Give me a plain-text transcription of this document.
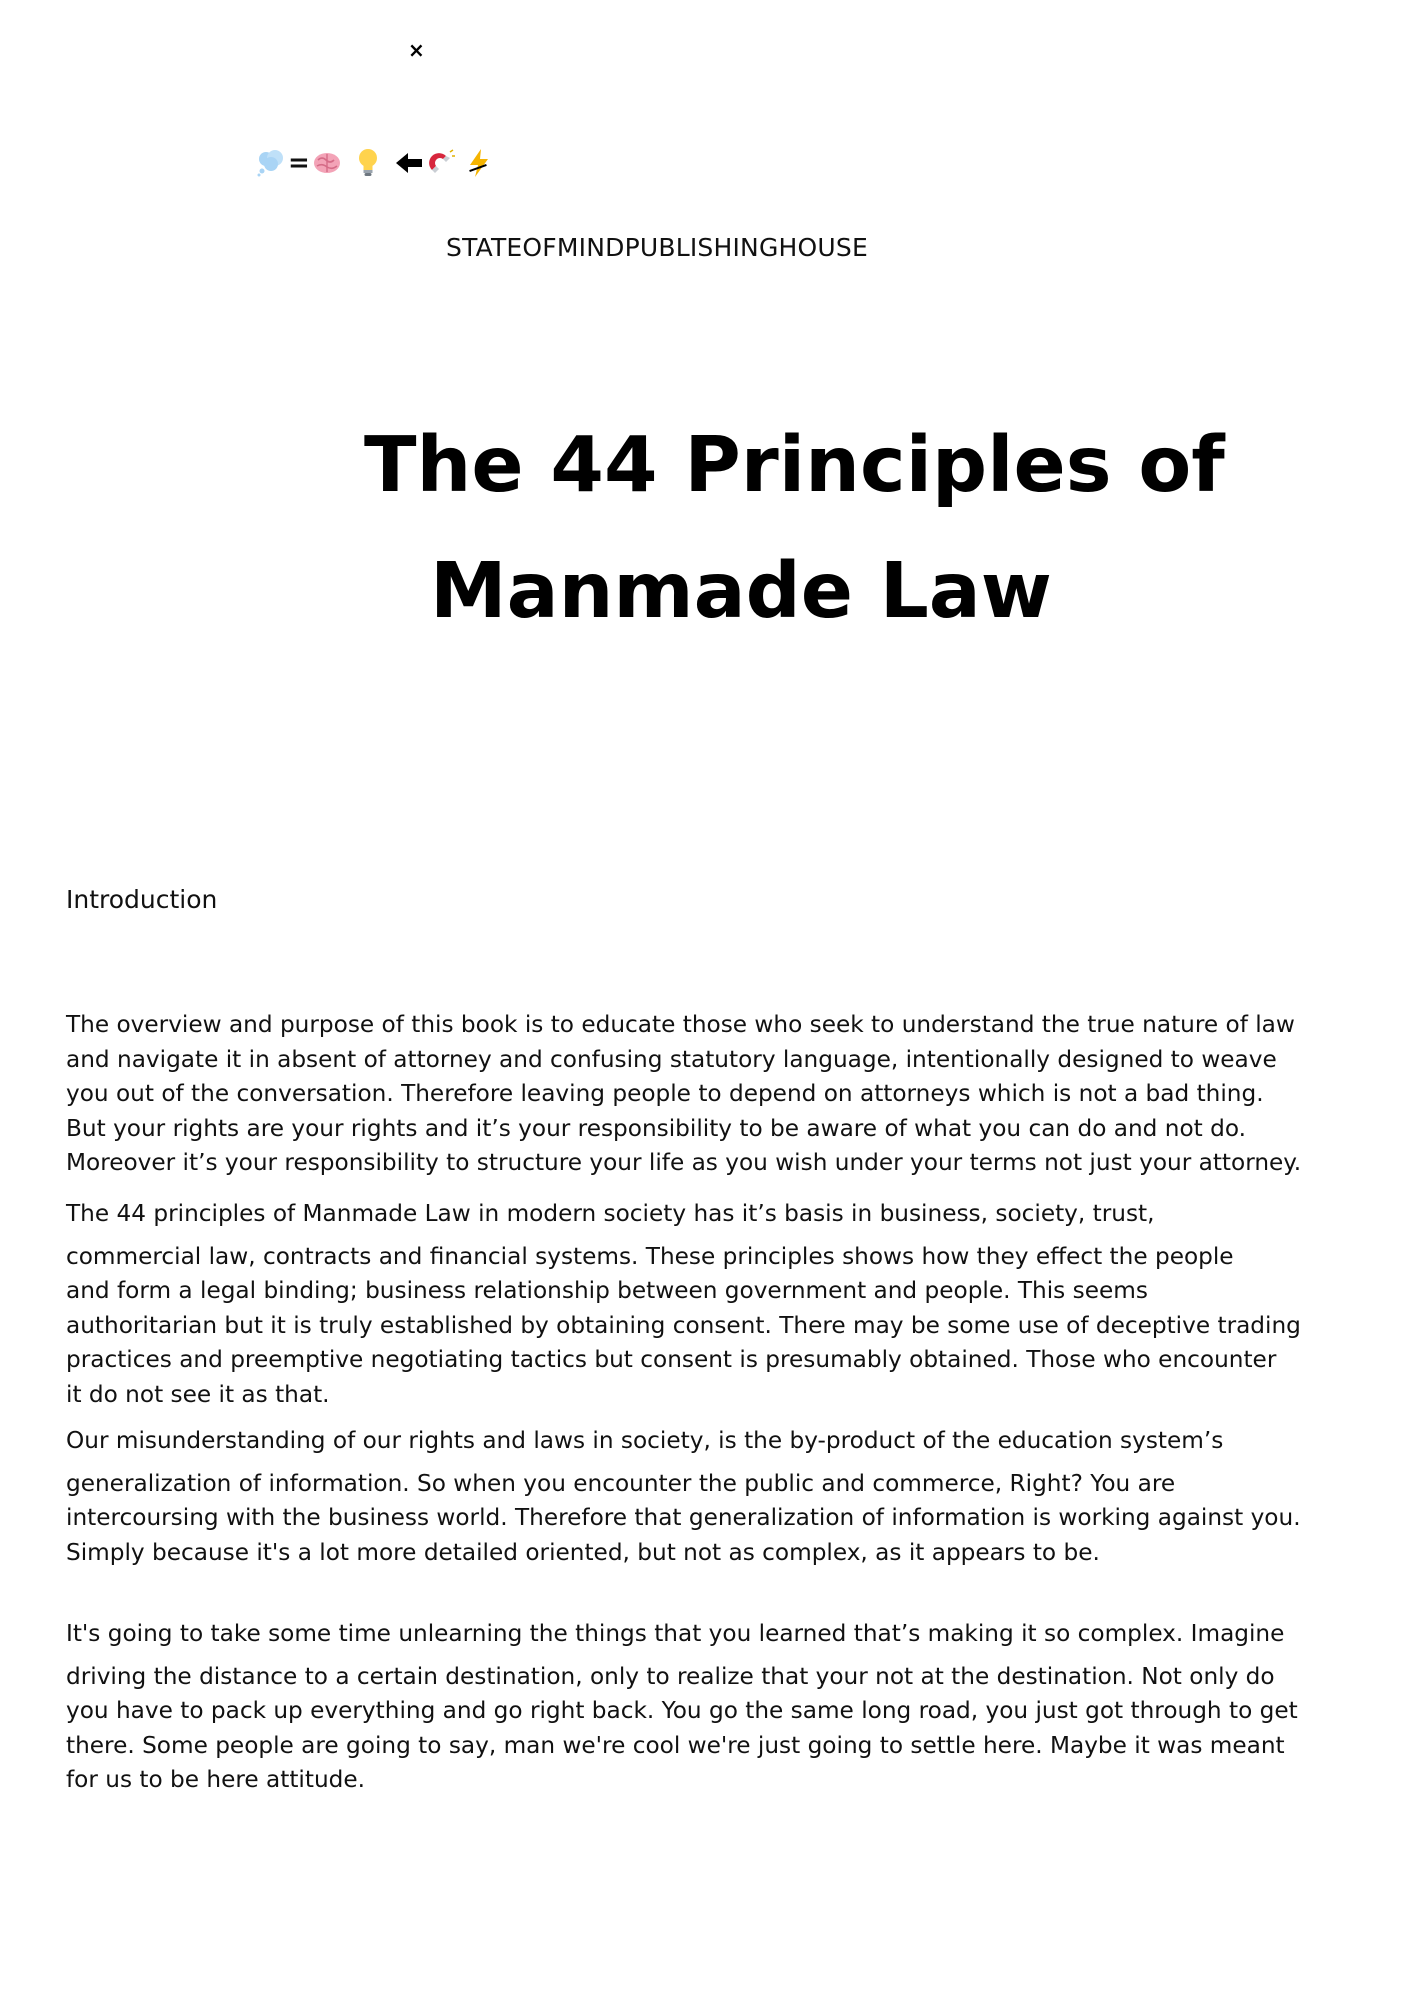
×
=
STATEOFMINDPUBLISHINGHOUSE
The 44 Principles of
Manmade Law
Introduction
The overview and purpose of this book is to educate those who seek to understand the true nature of law
and navigate it in absent of attorney and confusing statutory language, intentionally designed to weave
you out of the conversation. Therefore leaving people to depend on attorneys which is not a bad thing.
But your rights are your rights and it’s your responsibility to be aware of what you can do and not do.
Moreover it’s your responsibility to structure your life as you wish under your terms not just your attorney.
The 44 principles of Manmade Law in modern society has it’s basis in business, society, trust,
commercial law, contracts and financial systems. These principles shows how they effect the people
and form a legal binding; business relationship between government and people. This seems
authoritarian but it is truly established by obtaining consent. There may be some use of deceptive trading
practices and preemptive negotiating tactics but consent is presumably obtained. Those who encounter
it do not see it as that.
Our misunderstanding of our rights and laws in society, is the by-product of the education system’s
generalization of information. So when you encounter the public and commerce, Right? You are
intercoursing with the business world. Therefore that generalization of information is working against you.
Simply because it's a lot more detailed oriented, but not as complex, as it appears to be.
It's going to take some time unlearning the things that you learned that’s making it so complex. Imagine
driving the distance to a certain destination, only to realize that your not at the destination. Not only do
you have to pack up everything and go right back. You go the same long road, you just got through to get
there. Some people are going to say, man we're cool we're just going to settle here. Maybe it was meant
for us to be here attitude.
